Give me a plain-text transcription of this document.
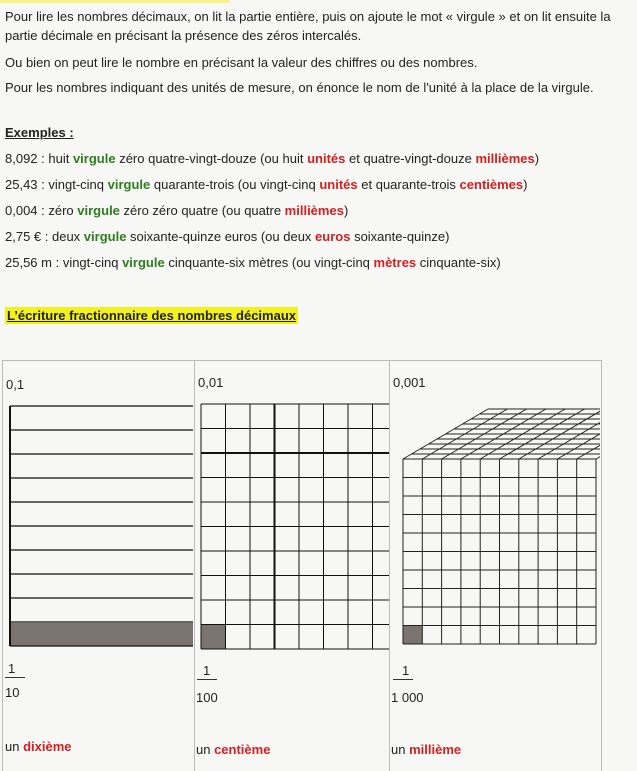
Pour lire les nombres décimaux, on lit la partie entière, puis on ajoute le mot « virgule » et on lit ensuite la partie décimale en précisant la présence des zéros intercalés.

Ou bien on peut lire le nombre en précisant la valeur des chiffres ou des nombres.

Pour les nombres indiquant des unités de mesure, on énonce le nom de l'unité à la place de la virgule.

Exemples :

8,092 : huit virgule zéro quatre-vingt-douze (ou huit unités et quatre-vingt-douze millièmes)

25,43 : vingt-cinq virgule quarante-trois (ou vingt-cinq unités et quarante-trois centièmes)

0,004 : zéro virgule zéro zéro quatre (ou quatre millièmes)

2,75 € : deux virgule soixante-quinze euros (ou deux euros soixante-quinze)

25,56 m : vingt-cinq virgule cinquante-six mètres (ou vingt-cinq mètres cinquante-six)

L’écriture fractionnaire des nombres décimaux

0,1	0,01	0,001
1
10
un dixième
1
100
un centième
1
1 000
un millième
